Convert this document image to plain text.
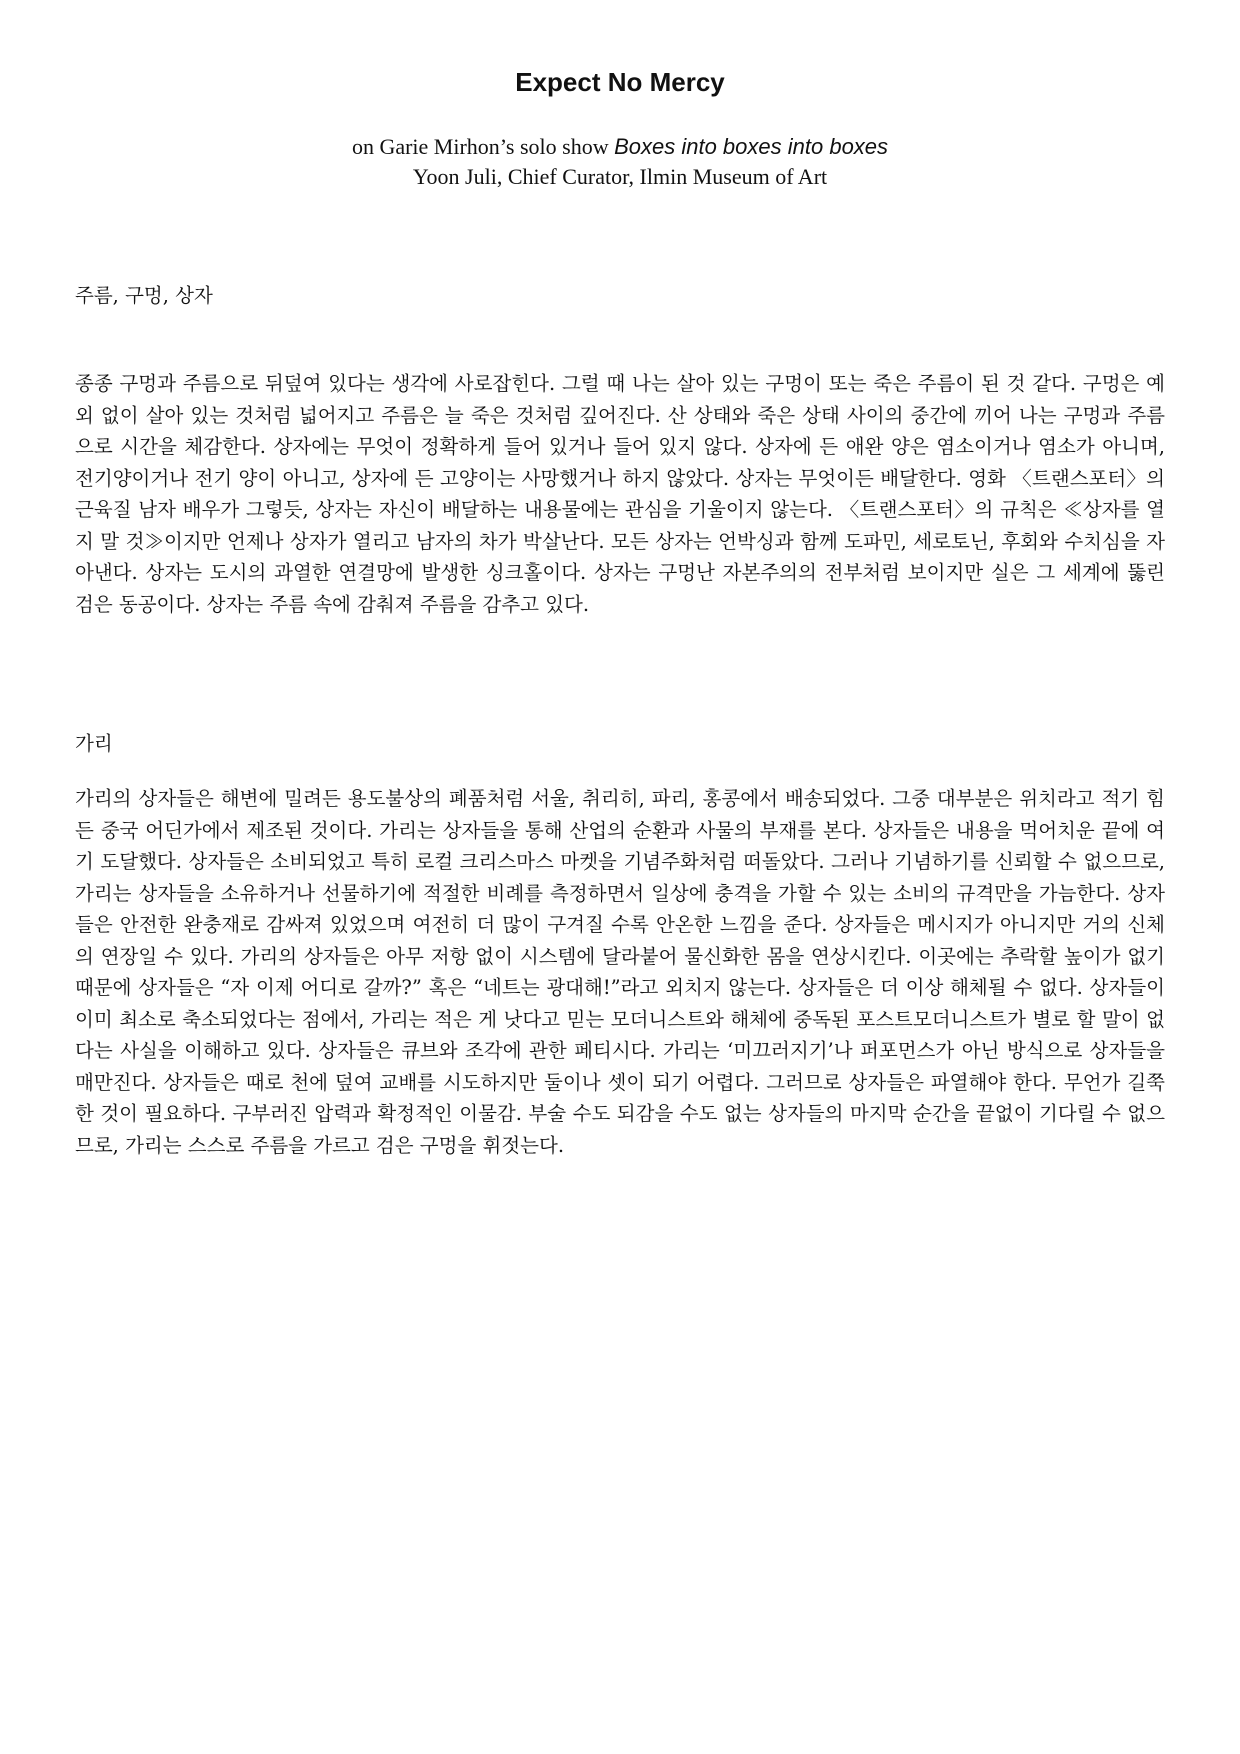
Expect No Mercy
on Garie Mirhon’s solo show Boxes into boxes into boxes
Yoon Juli, Chief Curator, Ilmin Museum of Art
주름, 구멍, 상자

종종 구멍과 주름으로 뒤덮여 있다는 생각에 사로잡힌다. 그럴 때 나는 살아 있는 구멍이 또는 죽은 주름이 된 것 같다. 구멍은 예외 없이 살아 있는 것처럼 넓어지고 주름은 늘 죽은 것처럼 깊어진다. 산 상태와 죽은 상태 사이의 중간에 끼어 나는 구멍과 주름으로 시간을 체감한다. 상자에는 무엇이 정확하게 들어 있거나 들어 있지 않다. 상자에 든 애완 양은 염소이거나 염소가 아니며, 전기양이거나 전기 양이 아니고, 상자에 든 고양이는 사망했거나 하지 않았다. 상자는 무엇이든 배달한다. 영화 〈트랜스포터〉의 근육질 남자 배우가 그렇듯, 상자는 자신이 배달하는 내용물에는 관심을 기울이지 않는다. 〈트랜스포터〉의 규칙은 ≪상자를 열지 말 것≫이지만 언제나 상자가 열리고 남자의 차가 박살난다. 모든 상자는 언박싱과 함께 도파민, 세로토닌, 후회와 수치심을 자아낸다. 상자는 도시의 과열한 연결망에 발생한 싱크홀이다. 상자는 구멍난 자본주의의 전부처럼 보이지만 실은 그 세계에 뚫린 검은 동공이다. 상자는 주름 속에 감춰져 주름을 감추고 있다.

가리

가리의 상자들은 해변에 밀려든 용도불상의 폐품처럼 서울, 취리히, 파리, 홍콩에서 배송되었다. 그중 대부분은 위치라고 적기 힘든 중국 어딘가에서 제조된 것이다. 가리는 상자들을 통해 산업의 순환과 사물의 부재를 본다. 상자들은 내용을 먹어치운 끝에 여기 도달했다. 상자들은 소비되었고 특히 로컬 크리스마스 마켓을 기념주화처럼 떠돌았다. 그러나 기념하기를 신뢰할 수 없으므로, 가리는 상자들을 소유하거나 선물하기에 적절한 비례를 측정하면서 일상에 충격을 가할 수 있는 소비의 규격만을 가늠한다. 상자들은 안전한 완충재로 감싸져 있었으며 여전히 더 많이 구겨질 수록 안온한 느낌을 준다. 상자들은 메시지가 아니지만 거의 신체의 연장일 수 있다. 가리의 상자들은 아무 저항 없이 시스템에 달라붙어 물신화한 몸을 연상시킨다. 이곳에는 추락할 높이가 없기 때문에 상자들은 “자 이제 어디로 갈까?” 혹은 “네트는 광대해!”라고 외치지 않는다. 상자들은 더 이상 해체될 수 없다. 상자들이 이미 최소로 축소되었다는 점에서, 가리는 적은 게 낫다고 믿는 모더니스트와 해체에 중독된 포스트모더니스트가 별로 할 말이 없다는 사실을 이해하고 있다. 상자들은 큐브와 조각에 관한 페티시다. 가리는 ‘미끄러지기’나 퍼포먼스가 아닌 방식으로 상자들을 매만진다. 상자들은 때로 천에 덮여 교배를 시도하지만 둘이나 셋이 되기 어렵다. 그러므로 상자들은 파열해야 한다. 무언가 길쭉한 것이 필요하다. 구부러진 압력과 확정적인 이물감. 부술 수도 되감을 수도 없는 상자들의 마지막 순간을 끝없이 기다릴 수 없으므로, 가리는 스스로 주름을 가르고 검은 구멍을 휘젓는다.
